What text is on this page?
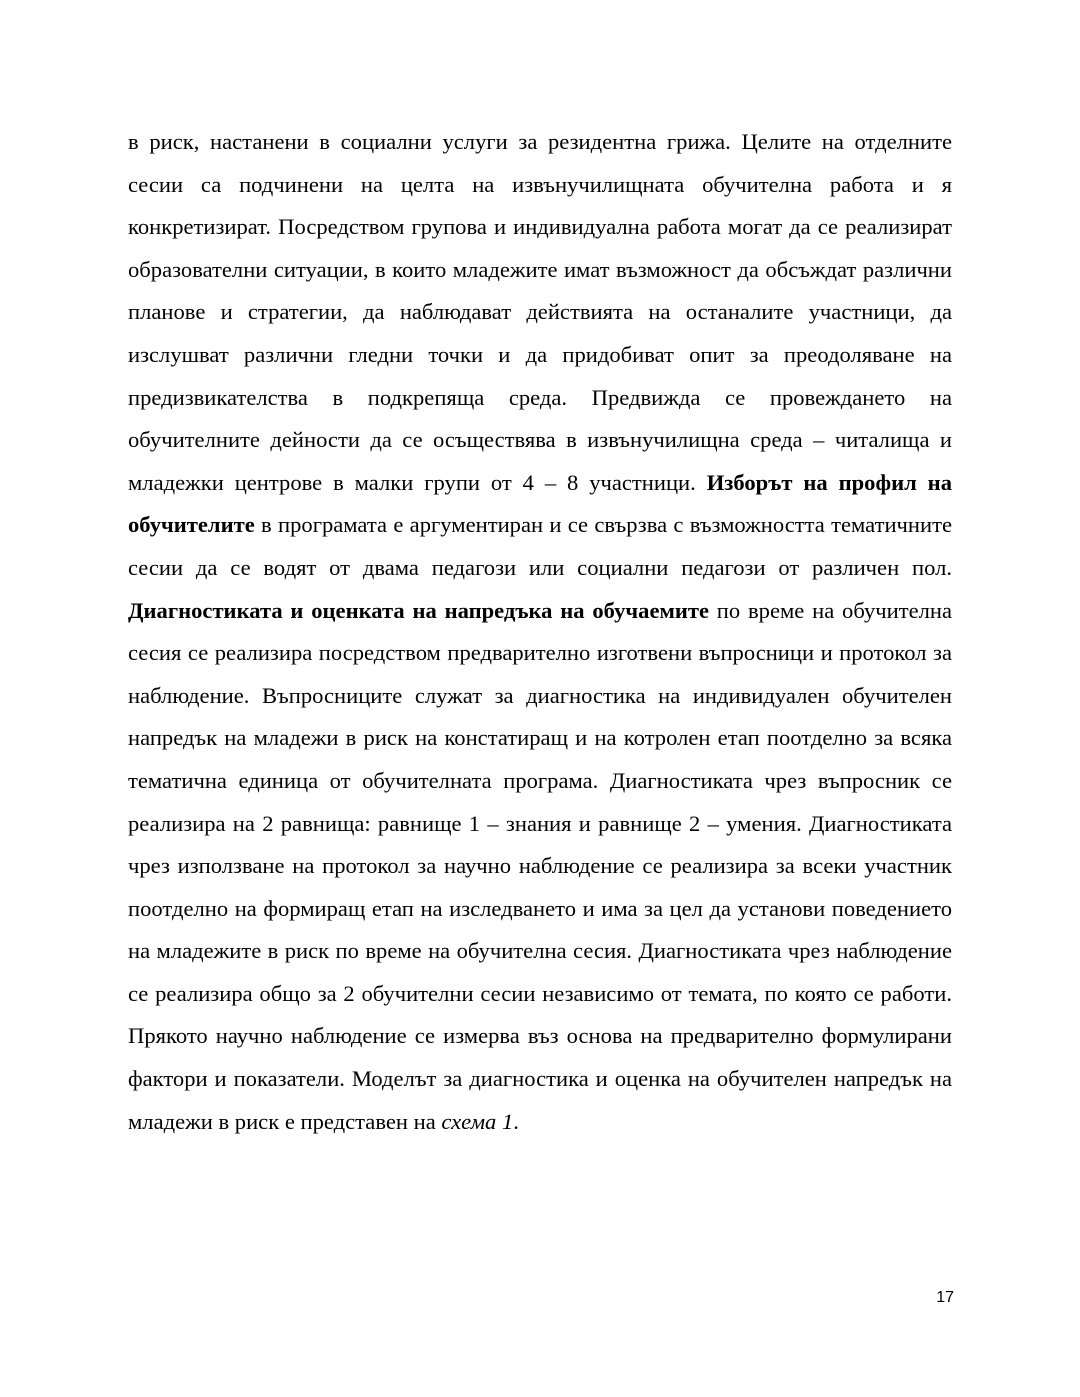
в риск, настанени в социални услуги за резидентна грижа. Целите на отделните сесии са подчинени на целта на извънучилищната обучителна работа и я конкретизират. Посредством групова и индивидуална работа могат да се реализират образователни ситуации, в които младежите имат възможност да обсъждат различни планове и стратегии, да наблюдават действията на останалите участници, да изслушват различни гледни точки и да придобиват опит за преодоляване на предизвикателства в подкрепяща среда. Предвижда се провеждането на обучителните дейности да се осъществява в извънучилищна среда – читалища и младежки центрове в малки групи от 4 – 8 участници. Изборът на профил на обучителите в програмата е аргументиран и се свързва с възможността тематичните сесии да се водят от двама педагози или социални педагози от различен пол. Диагностиката и оценката на напредъка на обучаемите по време на обучителна сесия се реализира посредством предварително изготвени въпросници и протокол за наблюдение. Въпросниците служат за диагностика на индивидуален обучителен напредък на младежи в риск на констатиращ и на котролен етап поотделно за всяка тематична единица от обучителната програма. Диагностиката чрез въпросник се реализира на 2 равнища: равнище 1 – знания и равнище 2 – умения. Диагностиката чрез използване на протокол за научно наблюдение се реализира за всеки участник поотделно на формиращ етап на изследването и има за цел да установи поведението на младежите в риск по време на обучителна сесия. Диагностиката чрез наблюдение се реализира общо за 2 обучителни сесии независимо от темата, по която се работи. Прякото научно наблюдение се измерва въз основа на предварително формулирани фактори и показатели. Моделът за диагностика и оценка на обучителен напредък на младежи в риск е представен на схема 1.

17
